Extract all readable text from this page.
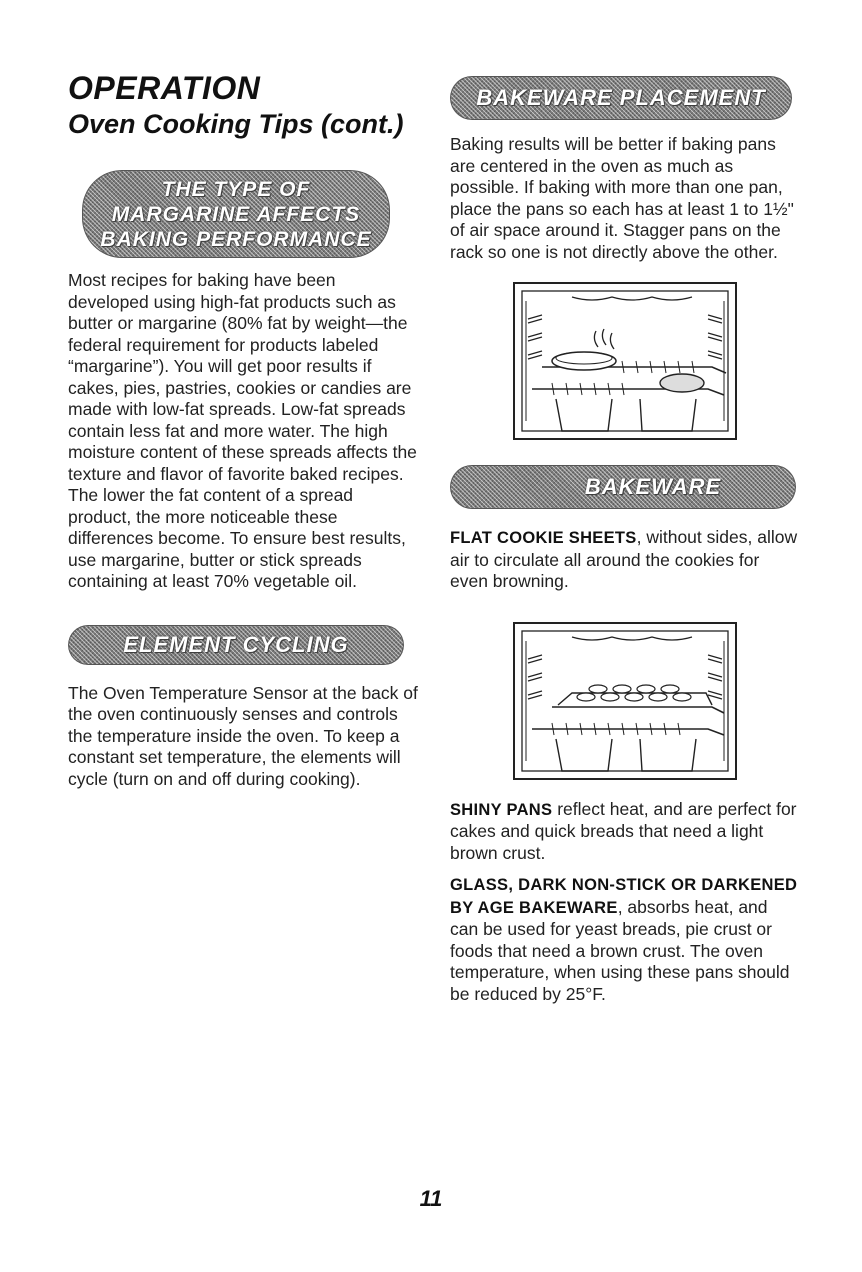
OPERATION
Oven Cooking Tips (cont.)
THE TYPE OF
MARGARINE AFFECTS
BAKING PERFORMANCE

Most recipes for baking have been developed using high-fat products such as butter or margarine (80% fat by weight—the federal requirement for products labeled “margarine”). You will get poor results if cakes, pies, pastries, cookies or candies are made with low-fat spreads. Low-fat spreads contain less fat and more water. The high moisture content of these spreads affects the texture and flavor of favorite baked recipes. The lower the fat content of a spread product, the more noticeable these differences become. To ensure best results, use margarine, butter or stick spreads containing at least 70% vegetable oil.

ELEMENT CYCLING

The Oven Temperature Sensor at the back of the oven continuously senses and controls the temperature inside the oven. To keep a constant set temperature, the elements will cycle (turn on and off during cooking).

BAKEWARE PLACEMENT

Baking results will be better if baking pans are centered in the oven as much as possible. If baking with more than one pan, place the pans so each has at least 1 to 1½" of air space around it. Stagger pans on the rack so one is not directly above the other.

BAKEWARE

FLAT COOKIE SHEETS, without sides, allow air to circulate all around the cookies for even browning.

SHINY PANS reflect heat, and are perfect for cakes and quick breads that need a light brown crust.

GLASS, DARK NON-STICK OR DARKENED BY AGE BAKEWARE, absorbs heat, and can be used for yeast breads, pie crust or foods that need a brown crust. The oven temperature, when using these pans should be reduced by 25°F.

11
